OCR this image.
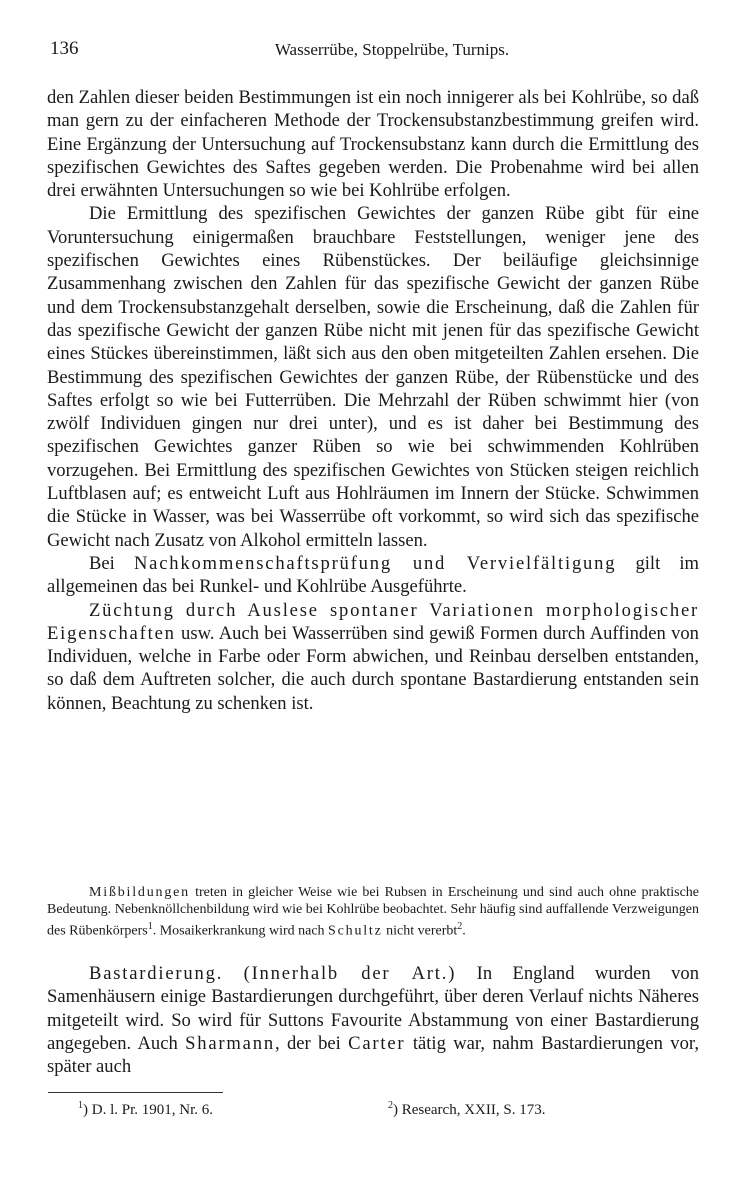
136	Wasserrübe, Stoppelrübe, Turnips.

den Zahlen dieser beiden Bestimmungen ist ein noch innigerer als bei Kohlrübe, so daß man gern zu der einfacheren Methode der Trockensubstanzbestimmung greifen wird. Eine Ergänzung der Untersuchung auf Trockensubstanz kann durch die Ermittlung des spezifischen Gewichtes des Saftes gegeben werden. Die Probenahme wird bei allen drei erwähnten Untersuchungen so wie bei Kohlrübe erfolgen.

Die Ermittlung des spezifischen Gewichtes der ganzen Rübe gibt für eine Voruntersuchung einigermaßen brauchbare Feststellungen, weniger jene des spezifischen Gewichtes eines Rübenstückes. Der beiläufige gleichsinnige Zusammenhang zwischen den Zahlen für das spezifische Gewicht der ganzen Rübe und dem Trockensubstanzgehalt derselben, sowie die Erscheinung, daß die Zahlen für das spezifische Gewicht der ganzen Rübe nicht mit jenen für das spezifische Gewicht eines Stückes übereinstimmen, läßt sich aus den oben mitgeteilten Zahlen ersehen. Die Bestimmung des spezifischen Gewichtes der ganzen Rübe, der Rübenstücke und des Saftes erfolgt so wie bei Futterrüben. Die Mehrzahl der Rüben schwimmt hier (von zwölf Individuen gingen nur drei unter), und es ist daher bei Bestimmung des spezifischen Gewichtes ganzer Rüben so wie bei schwimmenden Kohlrüben vorzugehen. Bei Ermittlung des spezifischen Gewichtes von Stücken steigen reichlich Luftblasen auf; es entweicht Luft aus Hohlräumen im Innern der Stücke. Schwimmen die Stücke in Wasser, was bei Wasserrübe oft vorkommt, so wird sich das spezifische Gewicht nach Zusatz von Alkohol ermitteln lassen.

Bei Nachkommenschaftsprüfung und Vervielfältigung gilt im allgemeinen das bei Runkel- und Kohlrübe Ausgeführte.

Züchtung durch Auslese spontaner Variationen morphologischer Eigenschaften usw. Auch bei Wasserrüben sind gewiß Formen durch Auffinden von Individuen, welche in Farbe oder Form abwichen, und Reinbau derselben entstanden, so daß dem Auftreten solcher, die auch durch spontane Bastardierung entstanden sein können, Beachtung zu schenken ist.

Mißbildungen treten in gleicher Weise wie bei Rubsen in Erscheinung und sind auch ohne praktische Bedeutung. Nebenknöllchenbildung wird wie bei Kohlrübe beobachtet. Sehr häufig sind auffallende Verzweigungen des Rübenkörpers$^1$. Mosaikerkrankung wird nach Schultz nicht vererbt$^2$.

Bastardierung. (Innerhalb der Art.) In England wurden von Samenhäusern einige Bastardierungen durchgeführt, über deren Verlauf nichts Näheres mitgeteilt wird. So wird für Suttons Favourite Abstammung von einer Bastardierung angegeben. Auch Sharmann, der bei Carter tätig war, nahm Bastardierungen vor, später auch

$^1$) D. l. Pr. 1901, Nr. 6.	$^2$) Research, XXII, S. 173.
